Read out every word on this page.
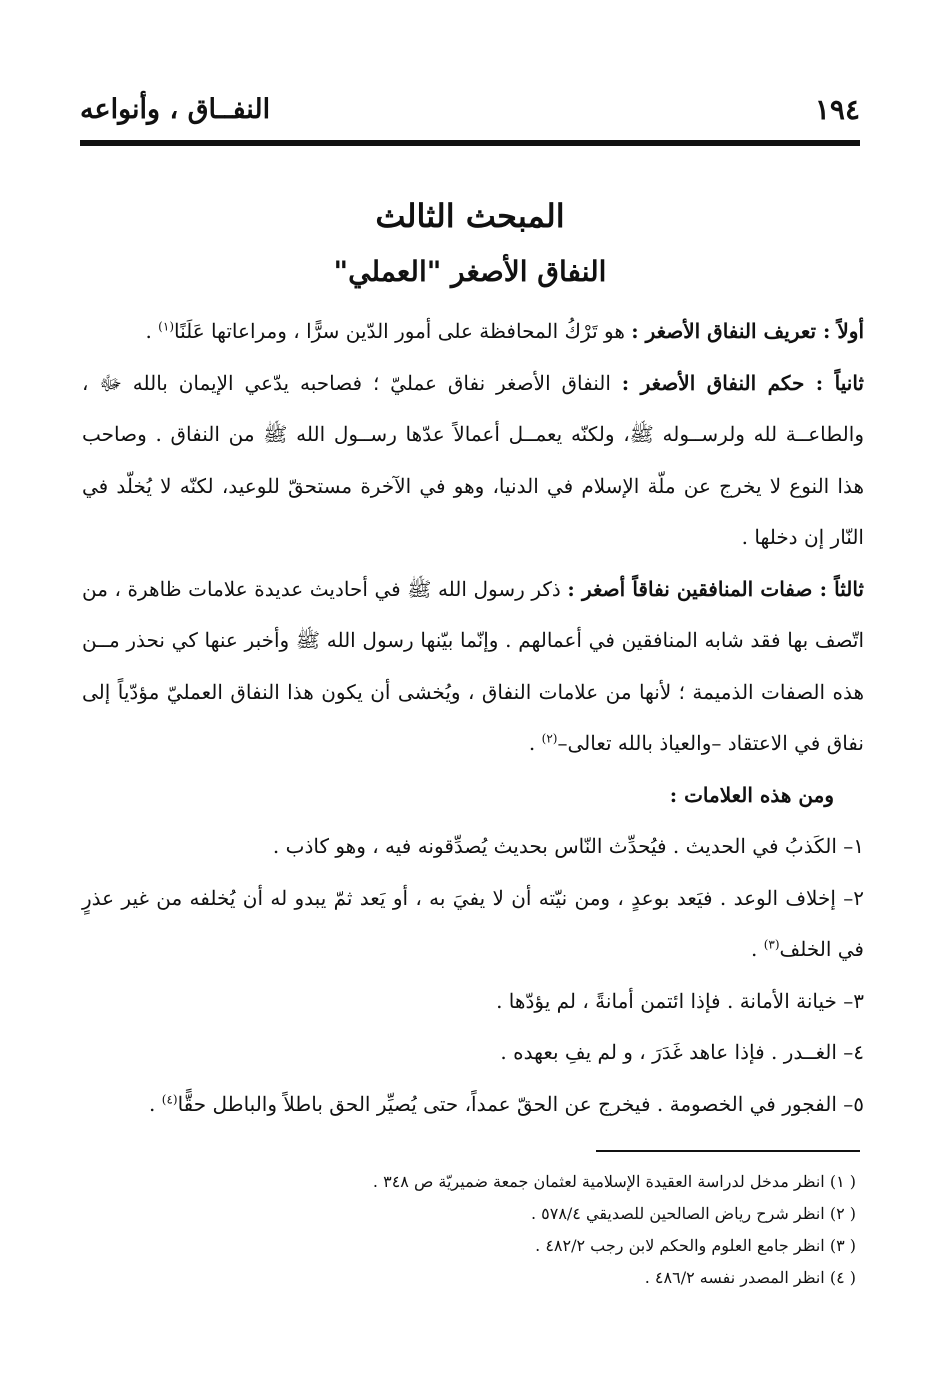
١٩٤
النفــاق ، وأنواعه
المبحث الثالث
النفاق الأصغر "العملي"

أولاً : تعريف النفاق الأصغر : هو تَرْكُ المحافظة على أمور الدّين سرًّا ، ومراعاتها عَلَنًا$^{(١)}$ .

ثانياً : حكم النفاق الأصغر : النفاق الأصغر نفاق عمليّ ؛ فصاحبه يدّعي الإيمان بالله ﷻ ، والطاعــة لله ولرســوله ﷺ، ولكنّه يعمــل أعمالاً عدّها رســول الله ﷺ من النفاق . وصاحب هذا النوع لا يخرج عن ملّة الإسلام في الدنيا، وهو في الآخرة مستحقّ للوعيد، لكنّه لا يُخلّد في النّار إن دخلها .

ثالثاً : صفات المنافقين نفاقاً أصغر : ذكر رسول الله ﷺ في أحاديث عديدة علامات ظاهرة ، من اتّصف بها فقد شابه المنافقين في أعمالهم . وإنّما بيّنها رسول الله ﷺ وأخبر عنها كي نحذر مــن هذه الصفات الذميمة ؛ لأنها من علامات النفاق ، ويُخشى أن يكون هذا النفاق العمليّ مؤدّياً إلى نفاق في الاعتقاد –والعياذ بالله تعالى–$^{(٢)}$ .

ومن هذه العلامات :

١– الكَذبُ في الحديث . فيُحدِّث النّاس بحديث يُصدِّقونه فيه ، وهو كاذب .
٢– إخلاف الوعد . فيَعد بوعدٍ ، ومن نيّته أن لا يفيَ به ، أو يَعد ثمّ يبدو له أن يُخلفه من غير عذرٍ في الخلف$^{(٣)}$ .
٣– خيانة الأمانة . فإذا ائتمن أمانةً ، لم يؤدّها .
٤– الغــدر . فإذا عاهد غَدَرَ ، و لم يفِ بعهده .
٥– الفجور في الخصومة . فيخرج عن الحقّ عمداً، حتى يُصيِّر الحق باطلاً والباطل حقًّا$^{(٤)}$ .
( ١) انظر مدخل لدراسة العقيدة الإسلامية لعثمان جمعة ضميريّة ص ٣٤٨ .
( ٢) انظر شرح رياض الصالحين للصديقي ٥٧٨/٤ .
( ٣) انظر جامع العلوم والحكم لابن رجب ٤٨٢/٢ .
( ٤) انظر المصدر نفسه ٤٨٦/٢ .
